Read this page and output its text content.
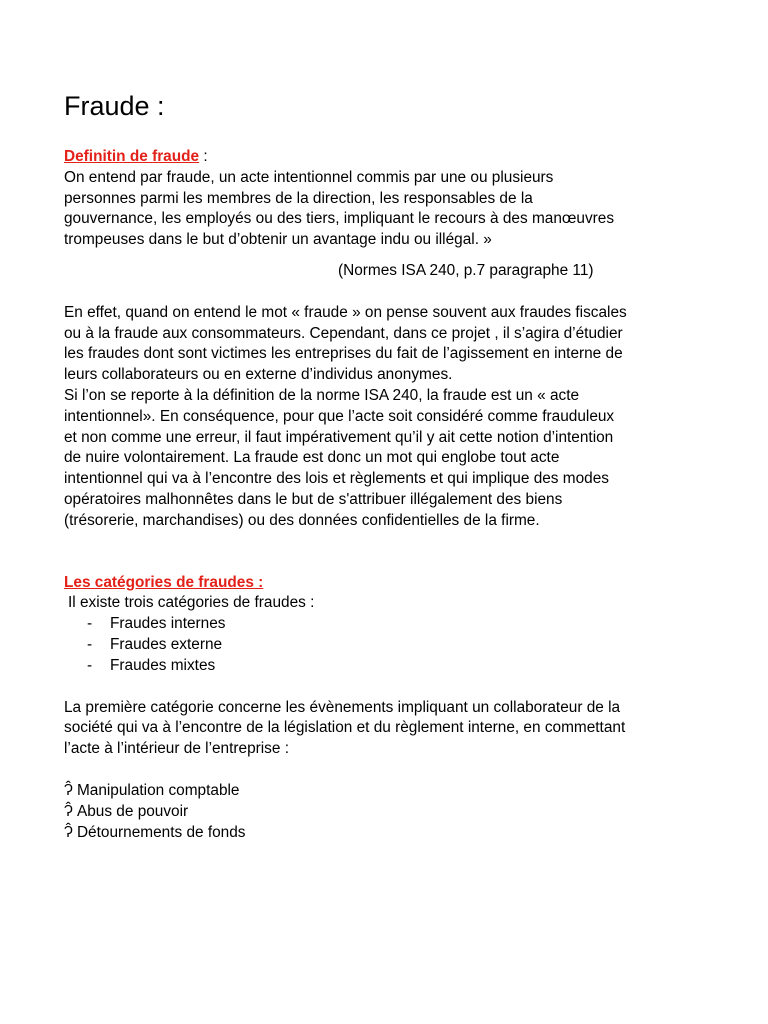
Fraude :

Definitin de fraude :

On entend par fraude, un acte intentionnel commis par une ou plusieurs

personnes parmi les membres de la direction, les responsables de la

gouvernance, les employés ou des tiers, impliquant le recours à des manœuvres

trompeuses dans le but d’obtenir un avantage indu ou illégal. »

(Normes ISA 240, p.7 paragraphe 11)

En effet, quand on entend le mot « fraude » on pense souvent aux fraudes fiscales

ou à la fraude aux consommateurs. Cependant, dans ce projet , il s’agira d’étudier

les fraudes dont sont victimes les entreprises du fait de l’agissement en interne de

leurs collaborateurs ou en externe d’individus anonymes.

Si l’on se reporte à la définition de la norme ISA 240, la fraude est un « acte

intentionnel». En conséquence, pour que l’acte soit considéré comme frauduleux

et non comme une erreur, il faut impérativement qu’il y ait cette notion d’intention

de nuire volontairement. La fraude est donc un mot qui englobe tout acte

intentionnel qui va à l’encontre des lois et règlements et qui implique des modes

opératoires malhonnêtes dans le but de s'attribuer illégalement des biens

(trésorerie, marchandises) ou des données confidentielles de la firme.

Les catégories de fraudes :

Il existe trois catégories de fraudes :

-	Fraudes internes
-	Fraudes externe
-	Fraudes mixtes

La première catégorie concerne les évènements impliquant un collaborateur de la

société qui va à l’encontre de la législation et du règlement interne, en commettant

l’acte à l’intérieur de l’entreprise :

Ɂ̂ Manipulation comptable
Ɂ̂ Abus de pouvoir
Ɂ̂ Détournements de fonds
